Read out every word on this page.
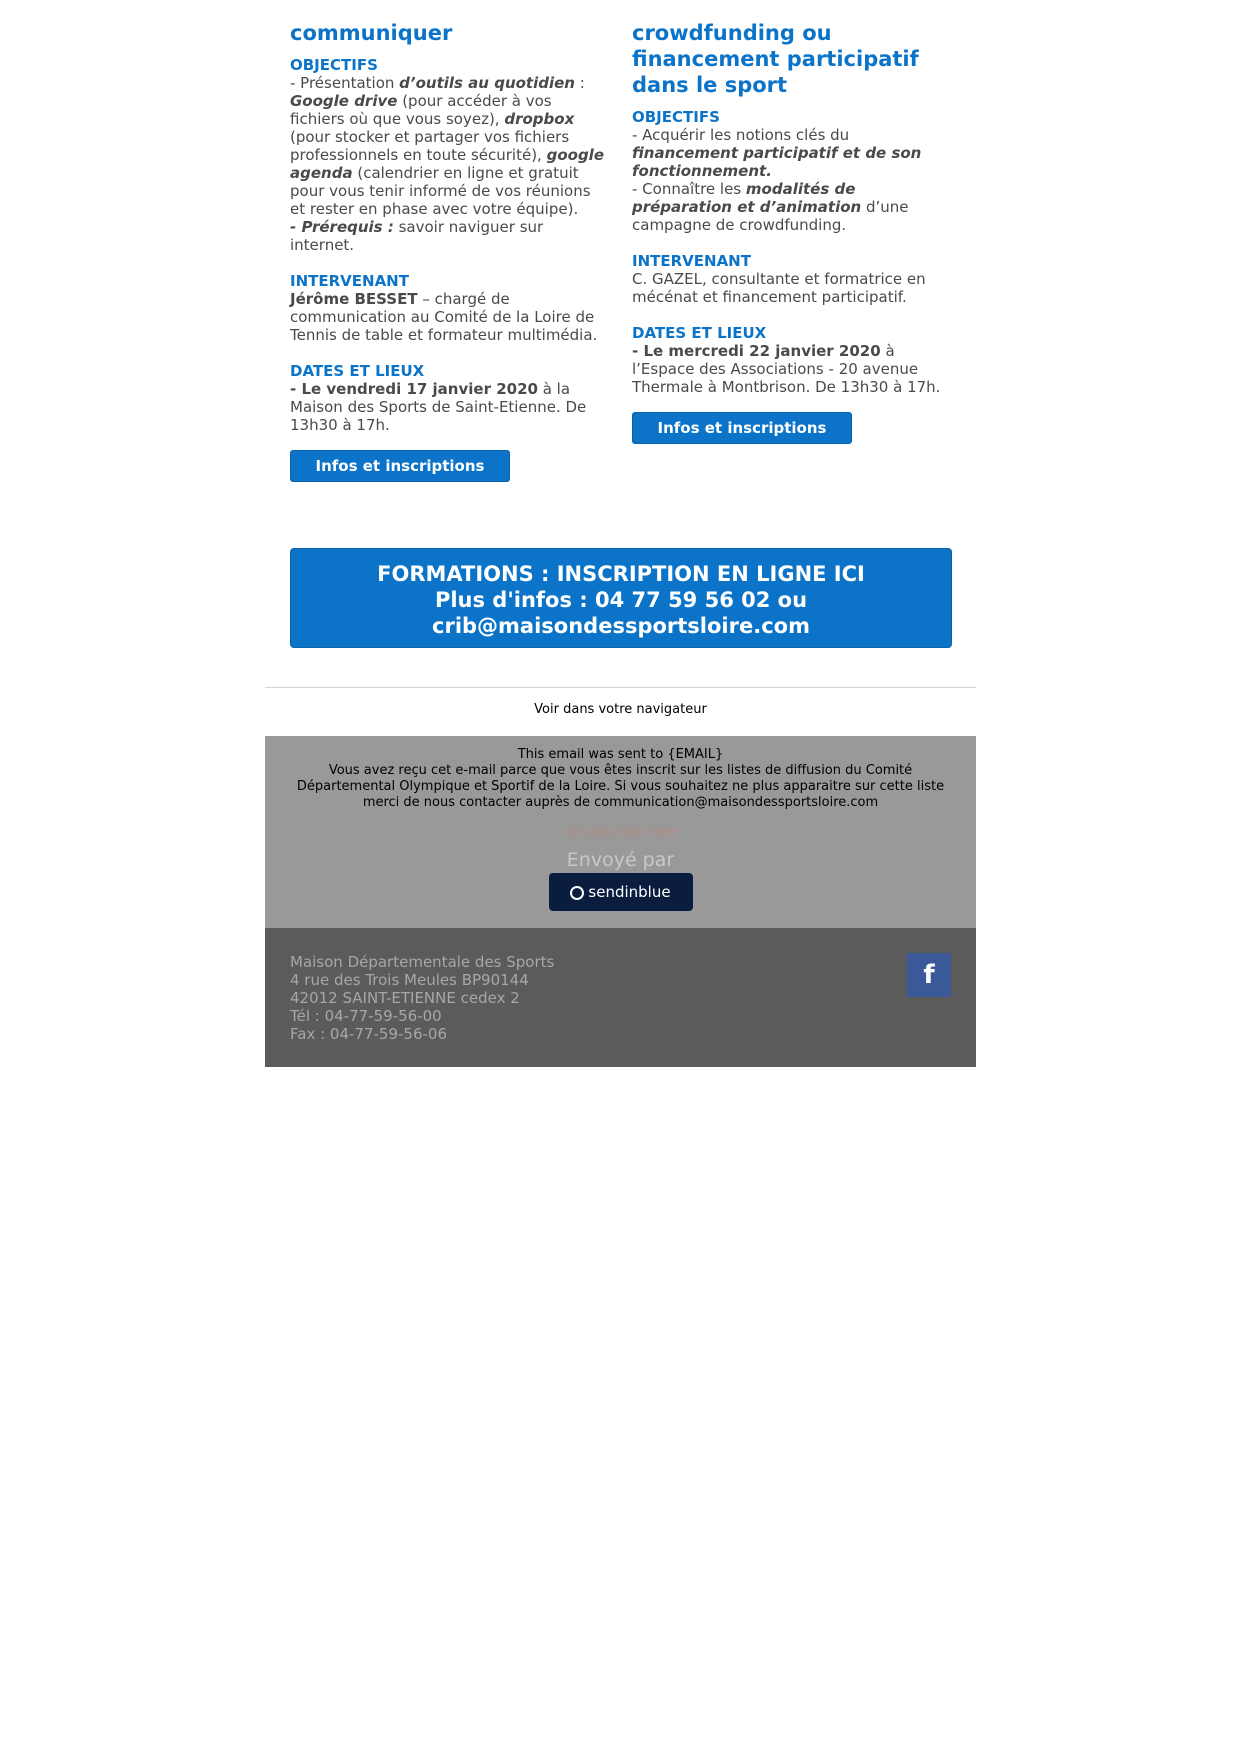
communiquer
OBJECTIFS
- Présentation d’outils au quotidien : Google drive (pour accéder à vos fichiers où que vous soyez), dropbox (pour stocker et partager vos fichiers professionnels en toute sécurité), google agenda (calendrier en ligne et gratuit pour vous tenir informé de vos réunions et rester en phase avec votre équipe).
- Prérequis : savoir naviguer sur internet.
INTERVENANT
Jérôme BESSET – chargé de communication au Comité de la Loire de Tennis de table et formateur multimédia.
DATES ET LIEUX
- Le vendredi 17 janvier 2020 à la Maison des Sports de Saint-Etienne. De 13h30 à 17h.
Infos et inscriptions
crowdfunding ou financement participatif dans le sport
OBJECTIFS
- Acquérir les notions clés du financement participatif et de son fonctionnement.
- Connaître les modalités de préparation et d’animation d’une campagne de crowdfunding.
INTERVENANT
C. GAZEL, consultante et formatrice en mécénat et financement participatif.
DATES ET LIEUX
- Le mercredi 22 janvier 2020 à l’Espace des Associations - 20 avenue Thermale à Montbrison. De 13h30 à 17h.
Infos et inscriptions
FORMATIONS : INSCRIPTION EN LIGNE ICI
Plus d'infos : 04 77 59 56 02 ou
crib@maisondessportsloire.com
Voir dans votre navigateur
This email was sent to {EMAIL}
Vous avez reçu cet e-mail parce que vous êtes inscrit sur les listes de diffusion du Comité Départemental Olympique et Sportif de la Loire. Si vous souhaitez ne plus apparaitre sur cette liste merci de nous contacter auprès de communication@maisondessportsloire.com
Unsubscribe here
Envoyé par
sendinblue
Maison Départementale des Sports
4 rue des Trois Meules BP90144
42012 SAINT-ETIENNE cedex 2
Tél : 04-77-59-56-00
Fax : 04-77-59-56-06
f
